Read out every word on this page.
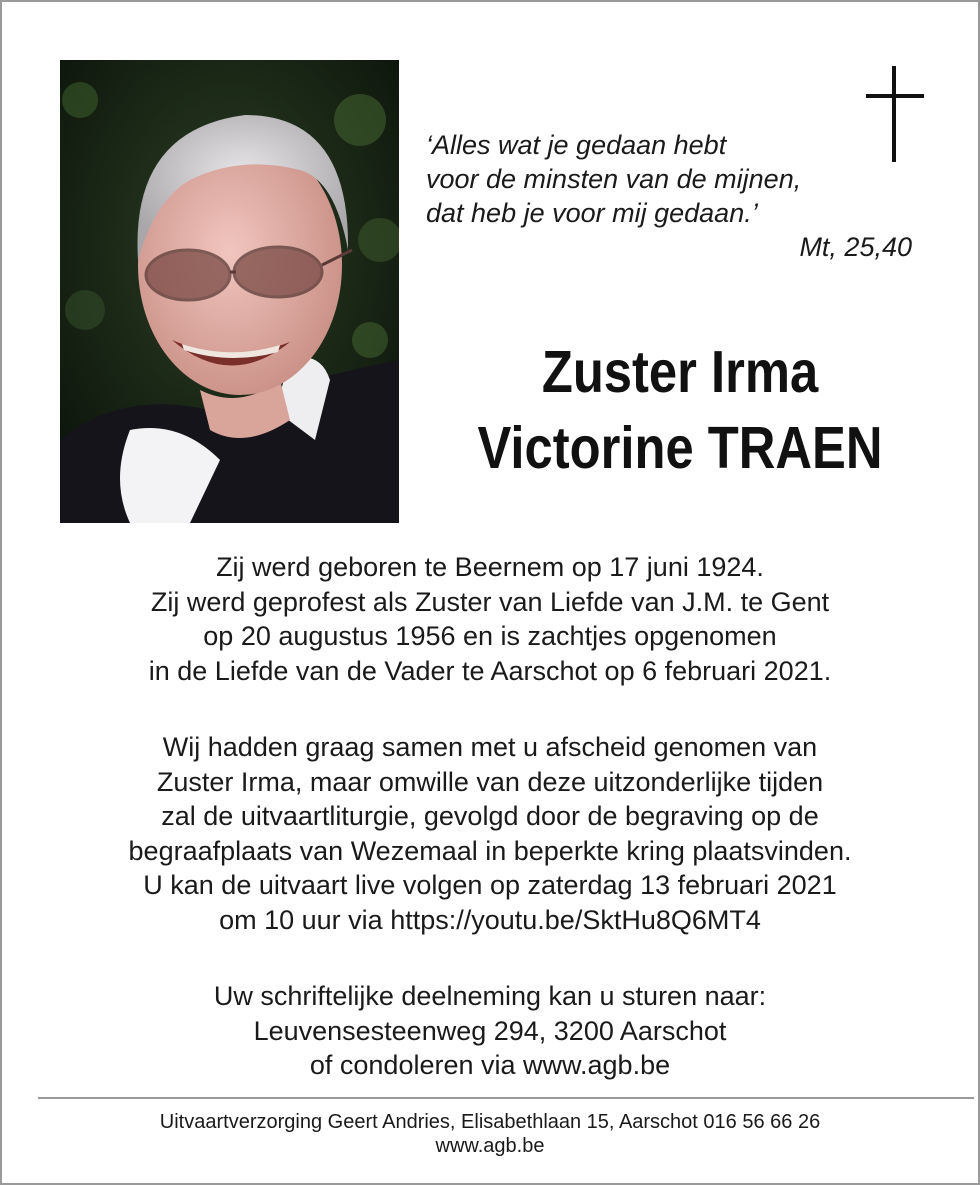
‘Alles wat je gedaan hebt
voor de minsten van de mijnen,
dat heb je voor mij gedaan.’
Mt, 25,40
Zuster Irma
Victorine TRAEN
Zij werd geboren te Beernem op 17 juni 1924.
Zij werd geprofest als Zuster van Liefde van J.M. te Gent
op 20 augustus 1956 en is zachtjes opgenomen
in de Liefde van de Vader te Aarschot op 6 februari 2021.
Wij hadden graag samen met u afscheid genomen van
Zuster Irma, maar omwille van deze uitzonderlijke tijden
zal de uitvaartliturgie, gevolgd door de begraving op de
begraafplaats van Wezemaal in beperkte kring plaatsvinden.
U kan de uitvaart live volgen op zaterdag 13 februari 2021
om 10 uur via https://youtu.be/SktHu8Q6MT4
Uw schriftelijke deelneming kan u sturen naar:
Leuvensesteenweg 294, 3200 Aarschot
of condoleren via www.agb.be
Uitvaartverzorging Geert Andries, Elisabethlaan 15, Aarschot 016 56 66 26
www.agb.be
